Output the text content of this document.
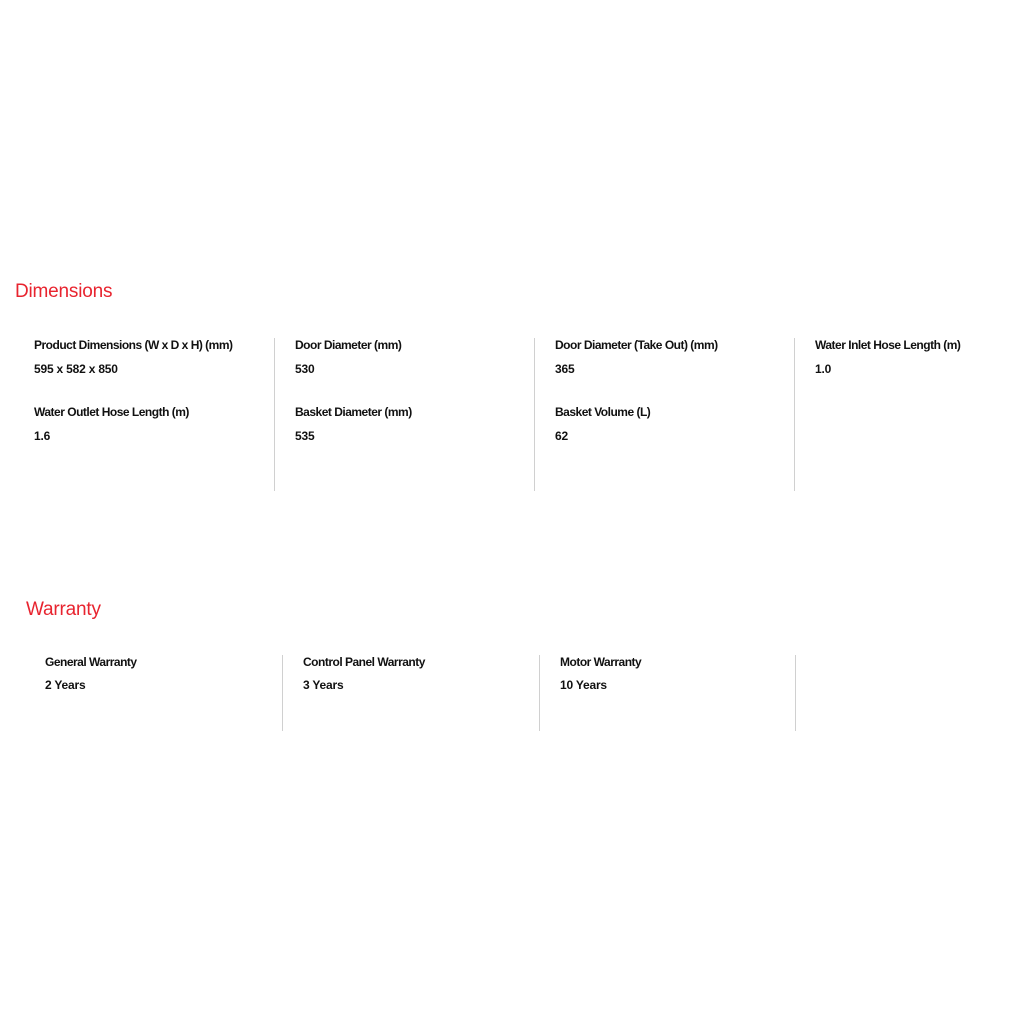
Dimensions
Product Dimensions (W x D x H) (mm)
595 x 582 x 850
Water Outlet Hose Length (m)
1.6
Door Diameter (mm)
530
Basket Diameter (mm)
535
Door Diameter (Take Out) (mm)
365
Basket Volume (L)
62
Water Inlet Hose Length (m)
1.0
Warranty
General Warranty
2 Years
Control Panel Warranty
3 Years
Motor Warranty
10 Years
